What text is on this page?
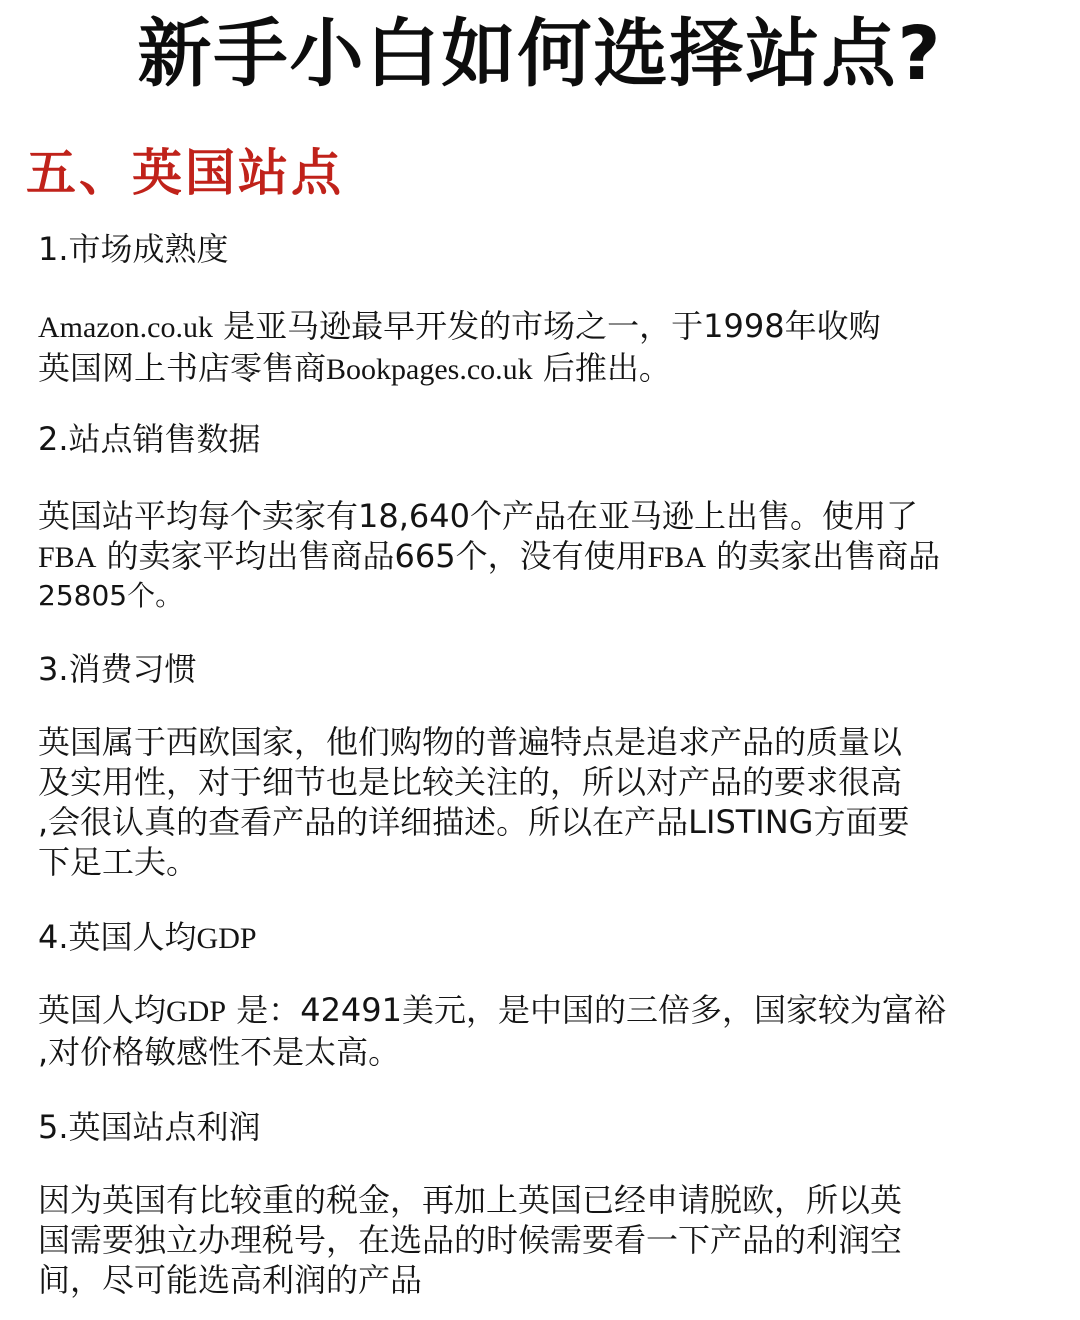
新手小白如何选择站点?
五、英国站点
1.市场成熟度
Amazon.co.uk 是亚马逊最早开发的市场之一，于1998年收购
英国网上书店零售商Bookpages.co.uk 后推出。
2.站点销售数据
英国站平均每个卖家有18,640个产品在亚马逊上出售。使用了
FBA 的卖家平均出售商品665个，没有使用FBA 的卖家出售商品
25805个。
3.消费习惯
英国属于西欧国家，他们购物的普遍特点是追求产品的质量以
及实用性，对于细节也是比较关注的，所以对产品的要求很高
,会很认真的查看产品的详细描述。所以在产品LISTING方面要
下足工夫。
4.英国人均GDP
英国人均GDP 是：42491美元，是中国的三倍多，国家较为富裕
,对价格敏感性不是太高。
5.英国站点利润
因为英国有比较重的税金，再加上英国已经申请脱欧，所以英
国需要独立办理税号，在选品的时候需要看一下产品的利润空
间，尽可能选高利润的产品
